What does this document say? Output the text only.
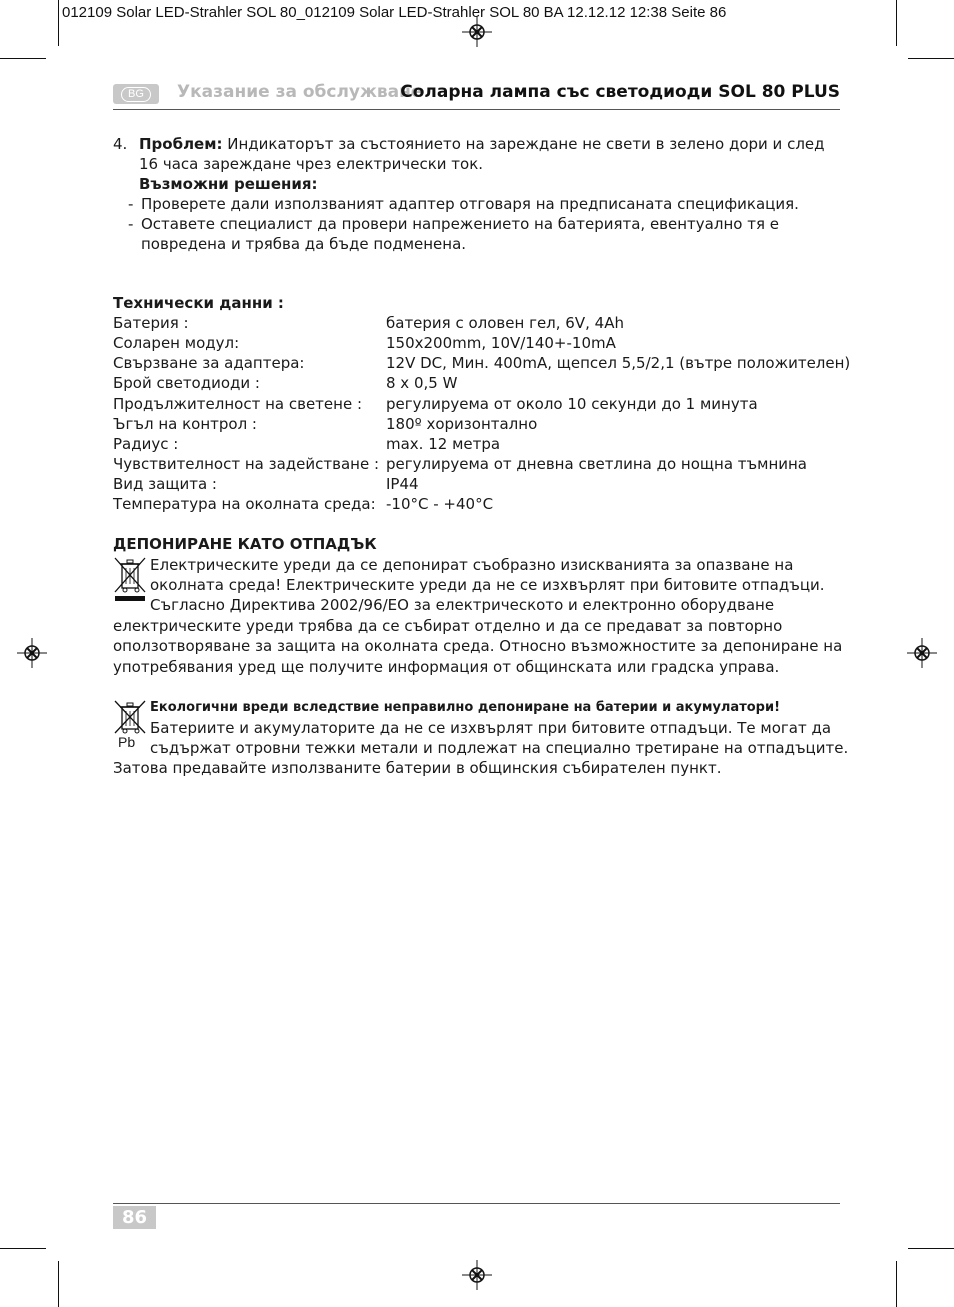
012109 Solar LED-Strahler SOL 80_012109 Solar LED-Strahler SOL 80 BA 12.12.12 12:38 Seite 86
BG	Указание за обслужване
Соларна лампа със светодиоди SOL 80 PLUS
4. Проблем: Индикаторът за състоянието на зареждане не свети в зелено дори и след
16 часа зареждане чрез електрически ток.
Възможни решения:
- Проверете дали използваният адаптер отговаря на предписаната спецификация.
- Оставете специалист да провери напрежението на батерията, евентуално тя е
повредена и трябва да бъде подменена.
Технически данни :
Батерия :	батерия с оловен гел, 6V, 4Ah
Соларен модул:	150x200mm, 10V/140+-10mA
Свързване за адаптера:	12V DC, Мин. 400mA, щепсел 5,5/2,1 (вътре положителен)
Брой светодиоди :	8 x 0,5 W
Продължителност на светене : регулируема от около 10 секунди до 1 минута
Ъгъл на контрол :	180º хоризонтално
Радиус :	max. 12 метра
Чувствителност на задействане : регулируема от дневна светлина до нощна тъмнина
Вид защита :	IP44
Температура на околната среда: -10°C - +40°C
ДЕПОНИРАНЕ КАТО ОТПАДЪК
Електрическите уреди да се депонират съобразно изискванията за опазване на
околната среда! Електрическите уреди да не се изхвърлят при битовите отпадъци.
Съгласно Директива 2002/96/ЕО за електрическото и електронно оборудване
електрическите уреди трябва да се събират отделно и да се предават за повторно
оползотворяване за защита на околната среда. Относно възможностите за депониране на
употребявания уред ще получите информация от общинската или градска управа.
Pb
Екологични вреди вследствие неправилно депониране на батерии и акумулатори!
Батериите и акумулаторите да не се изхвърлят при битовите отпадъци. Те могат да
съдържат отровни тежки метали и подлежат на специално третиране на отпадъците.
Затова предавайте използваните батерии в общинския събирателен пункт.
86
